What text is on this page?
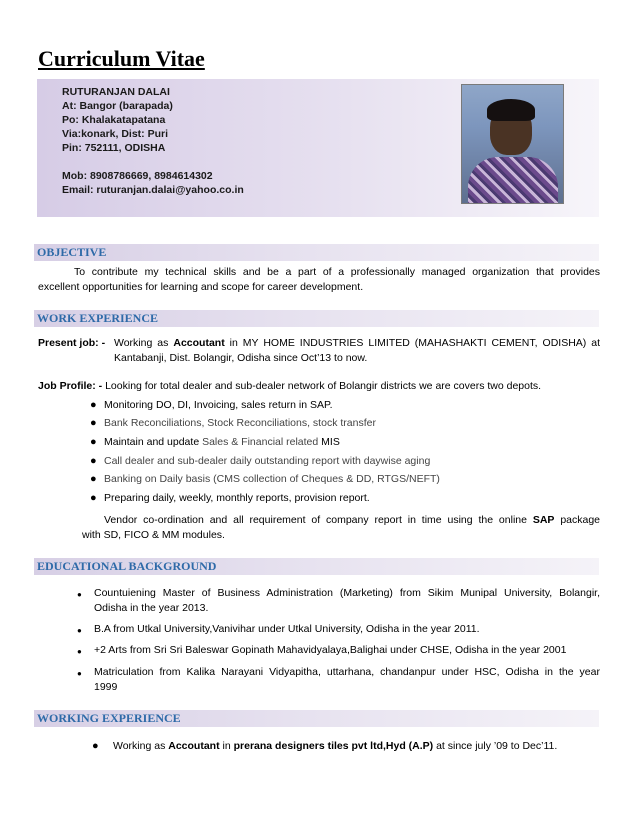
Curriculum Vitae
RUTURANJAN DALAI
At: Bangor (barapada)
Po: Khalakatapatana
Via:konark, Dist: Puri
Pin: 752111, ODISHA
Mob: 8908786669, 8984614302
Email: ruturanjan.dalai@yahoo.co.in
OBJECTIVE
To contribute my technical skills and be a part of a professionally managed organization that provides
excellent opportunities for learning and scope for career development.
WORK EXPERIENCE
Present job: - Working as Accoutant in MY HOME INDUSTRIES LIMITED (MAHASHAKTI CEMENT, ODISHA) at
Kantabanji, Dist. Bolangir, Odisha since Oct’13 to now.
Job Profile: - Looking for total dealer and sub-dealer network of Bolangir districts we are covers two depots.
● Monitoring DO, DI, Invoicing, sales return in SAP.
● Bank Reconciliations, Stock Reconciliations, stock transfer
● Maintain and update Sales & Financial related MIS
● Call dealer and sub-dealer daily outstanding report with daywise aging
● Banking on Daily basis (CMS collection of Cheques & DD, RTGS/NEFT)
● Preparing daily, weekly, monthly reports, provision report.
Vendor co-ordination and all requirement of company report in time using the online SAP package
with SD, FICO & MM modules.
EDUCATIONAL BACKGROUND
● Countuiening Master of Business Administration (Marketing) from Sikim Munipal University, Bolangir,
Odisha in the year 2013.
● B.A from Utkal University,Vanivihar under Utkal University, Odisha in the year 2011.
● +2 Arts from Sri Sri Baleswar Gopinath Mahavidyalaya,Balighai under CHSE, Odisha in the year 2001
● Matriculation from Kalika Narayani Vidyapitha, uttarhana, chandanpur under HSC, Odisha in the year
1999
WORKING EXPERIENCE
● Working as Accoutant in prerana designers tiles pvt ltd,Hyd (A.P) at since july ’09 to Dec’11.
